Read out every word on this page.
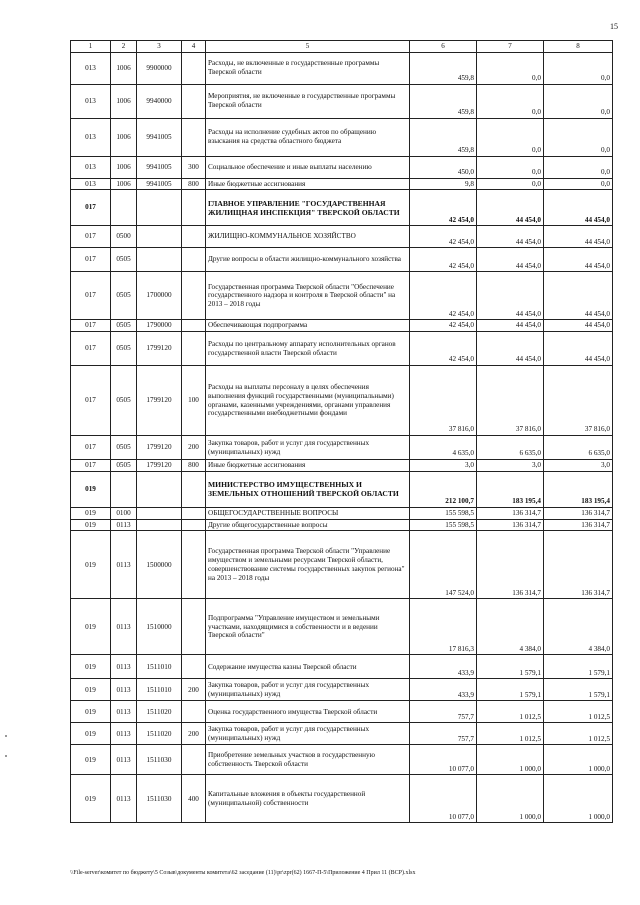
15
1	2	3	4	5	6	7	8
013	1006	9900000		Расходы, не включенные в государственные программы Тверской области	459,8	0,0	0,0
013	1006	9940000		Мероприятия, не включенные в государственные программы Тверской области	459,8	0,0	0,0
013	1006	9941005		Расходы на исполнение судебных актов по обращению взыскания на средства областного бюджета	459,8	0,0	0,0
013	1006	9941005	300	Социальное обеспечение и иные выплаты населению	450,0	0,0	0,0
013	1006	9941005	800	Иные бюджетные ассигнования	9,8	0,0	0,0
017				ГЛАВНОЕ УПРАВЛЕНИЕ "ГОСУДАРСТВЕННАЯ ЖИЛИЩНАЯ ИНСПЕКЦИЯ" ТВЕРСКОЙ ОБЛАСТИ	42 454,0	44 454,0	44 454,0
017	0500			ЖИЛИЩНО-КОММУНАЛЬНОЕ ХОЗЯЙСТВО	42 454,0	44 454,0	44 454,0
017	0505			Другие вопросы в области жилищно-коммунального хозяйства	42 454,0	44 454,0	44 454,0
017	0505	1700000		Государственная программа Тверской области "Обеспечение государственного надзора и контроля в Тверской области" на 2013 – 2018 годы	42 454,0	44 454,0	44 454,0
017	0505	1790000		Обеспечивающая подпрограмма	42 454,0	44 454,0	44 454,0
017	0505	1799120		Расходы по центральному аппарату исполнительных органов государственной власти Тверской области	42 454,0	44 454,0	44 454,0
017	0505	1799120	100	Расходы на выплаты персоналу в целях обеспечения выполнения функций государственными (муниципальными) органами, казенными учреждениями, органами управления государственными внебюджетными фондами	37 816,0	37 816,0	37 816,0
017	0505	1799120	200	Закупка товаров, работ и услуг для государственных (муниципальных) нужд	4 635,0	6 635,0	6 635,0
017	0505	1799120	800	Иные бюджетные ассигнования	3,0	3,0	3,0
019				МИНИСТЕРСТВО ИМУЩЕСТВЕННЫХ И ЗЕМЕЛЬНЫХ ОТНОШЕНИЙ ТВЕРСКОЙ ОБЛАСТИ	212 100,7	183 195,4	183 195,4
019	0100			ОБЩЕГОСУДАРСТВЕННЫЕ ВОПРОСЫ	155 598,5	136 314,7	136 314,7
019	0113			Другие общегосударственные вопросы	155 598,5	136 314,7	136 314,7
019	0113	1500000		Государственная программа Тверской области "Управление имуществом и земельными ресурсами Тверской области, совершенствование системы государственных закупок региона" на 2013 – 2018 годы	147 524,0	136 314,7	136 314,7
019	0113	1510000		Подпрограмма "Управление имуществом и земельными участками, находящимися в собственности и в ведении Тверской области"	17 816,3	4 384,0	4 384,0
019	0113	1511010		Содержание имущества казны Тверской области	433,9	1 579,1	1 579,1
019	0113	1511010	200	Закупка товаров, работ и услуг для государственных (муниципальных) нужд	433,9	1 579,1	1 579,1
019	0113	1511020		Оценка государственного имущества Тверской области	757,7	1 012,5	1 012,5
019	0113	1511020	200	Закупка товаров, работ и услуг для государственных (муниципальных) нужд	757,7	1 012,5	1 012,5
019	0113	1511030		Приобретение земельных участков в государственную собственность Тверской области	10 077,0	1 000,0	1 000,0
019	0113	1511030	400	Капитальные вложения в объекты государственной (муниципальной) собственности	10 077,0	1 000,0	1 000,0
\\File-server\комитет по бюджету\5 Созыв\документы комитета\62 заседание (11)\pr\zpr(62) 1667-П-5\Приложение 4 Прил 11 (ВСР).xlsx
